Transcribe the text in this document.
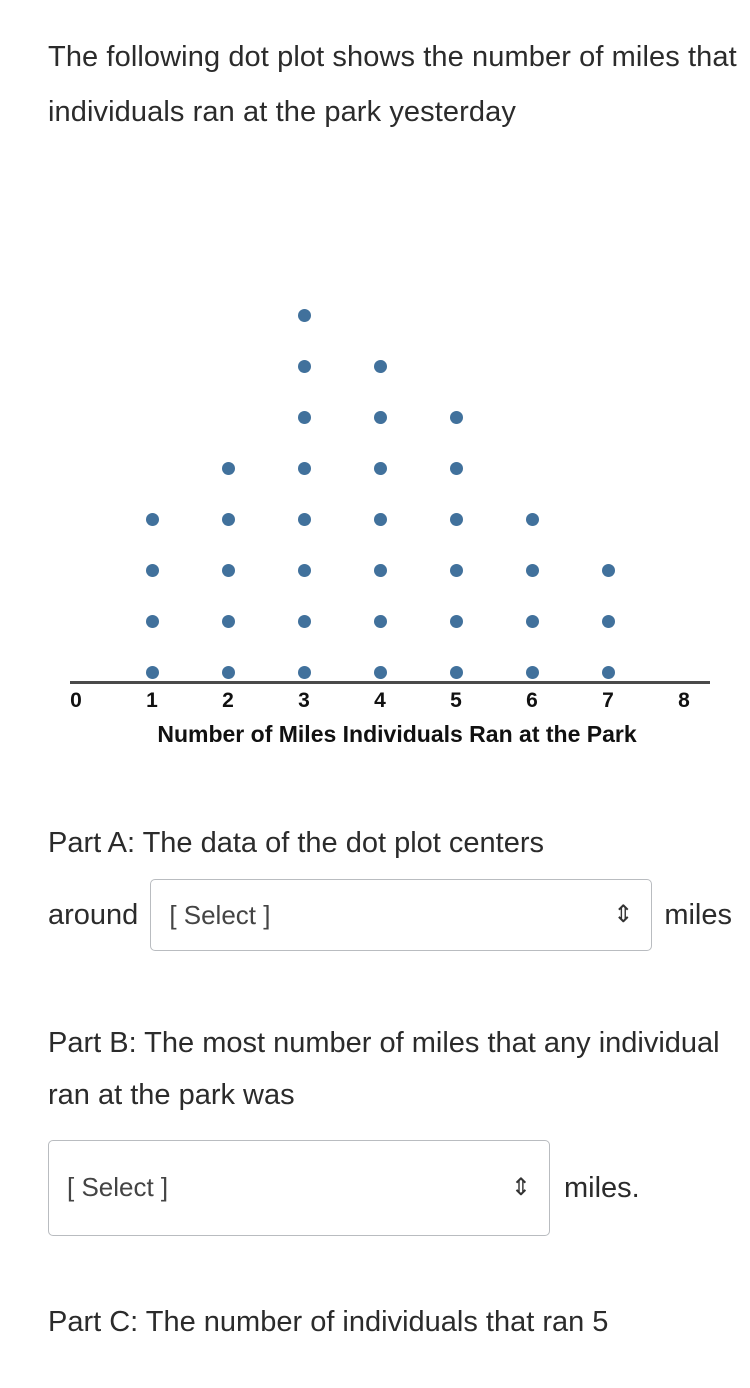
The following dot plot shows the number of miles that individuals ran at the park yesterday
0	1	2	3	4	5	6	7	8
Number of Miles Individuals Ran at the Park
Part A: The data of the dot plot centers
around [ Select ]	⇕ miles
Part B: The most number of miles that any individual ran at the park was
[ Select ]	⇕ miles.
Part C: The number of individuals that ran 5
